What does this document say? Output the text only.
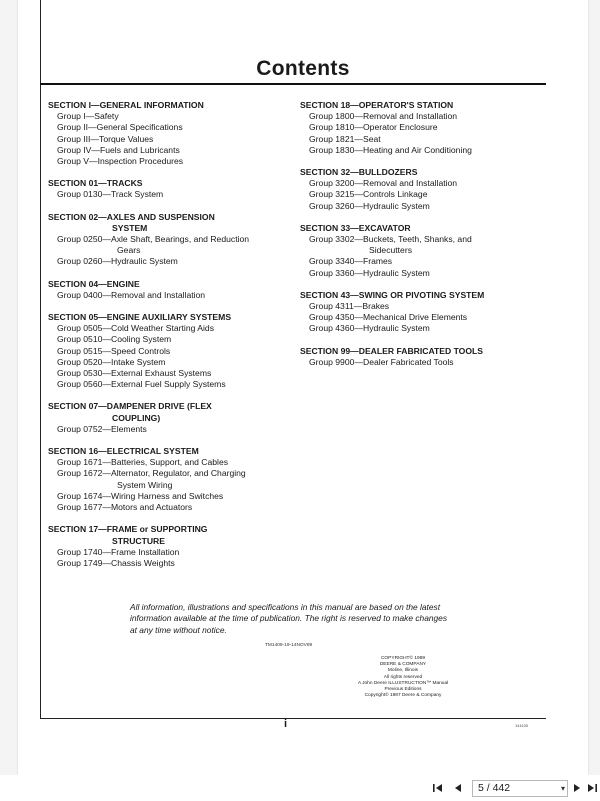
Contents
SECTION I—GENERAL INFORMATION
Group I—Safety
Group II—General Specifications
Group III—Torque Values
Group IV—Fuels and Lubricants
Group V—Inspection Procedures
SECTION 01—TRACKS
Group 0130—Track System
SECTION 02—AXLES AND SUSPENSION
SYSTEM
Group 0250—Axle Shaft, Bearings, and Reduction
Gears
Group 0260—Hydraulic System
SECTION 04—ENGINE
Group 0400—Removal and Installation
SECTION 05—ENGINE AUXILIARY SYSTEMS
Group 0505—Cold Weather Starting Aids
Group 0510—Cooling System
Group 0515—Speed Controls
Group 0520—Intake System
Group 0530—External Exhaust Systems
Group 0560—External Fuel Supply Systems
SECTION 07—DAMPENER DRIVE (FLEX
COUPLING)
Group 0752—Elements
SECTION 16—ELECTRICAL SYSTEM
Group 1671—Batteries, Support, and Cables
Group 1672—Alternator, Regulator, and Charging
System Wiring
Group 1674—Wiring Harness and Switches
Group 1677—Motors and Actuators
SECTION 17—FRAME or SUPPORTING
STRUCTURE
Group 1740—Frame Installation
Group 1749—Chassis Weights
SECTION 18—OPERATOR'S STATION
Group 1800—Removal and Installation
Group 1810—Operator Enclosure
Group 1821—Seat
Group 1830—Heating and Air Conditioning
SECTION 32—BULLDOZERS
Group 3200—Removal and Installation
Group 3215—Controls Linkage
Group 3260—Hydraulic System
SECTION 33—EXCAVATOR
Group 3302—Buckets, Teeth, Shanks, and
Sidecutters
Group 3340—Frames
Group 3360—Hydraulic System
SECTION 43—SWING OR PIVOTING SYSTEM
Group 4311—Brakes
Group 4350—Mechanical Drive Elements
Group 4360—Hydraulic System
SECTION 99—DEALER FABRICATED TOOLS
Group 9900—Dealer Fabricated Tools
All information, illustrations and specifications in this manual are based on the latest information available at the time of publication. The right is reserved to make changes at any time without notice.
TM1409-19-14NOV89
COPYRIGHT© 1989
DEERE & COMPANY
Moline, Illinois
All rights reserved
A John Deere ILLUSTRUCTION™ Manual
Previous Editions
Copyright© 1987 Deere & Company
i	141100
5 / 442	▾
